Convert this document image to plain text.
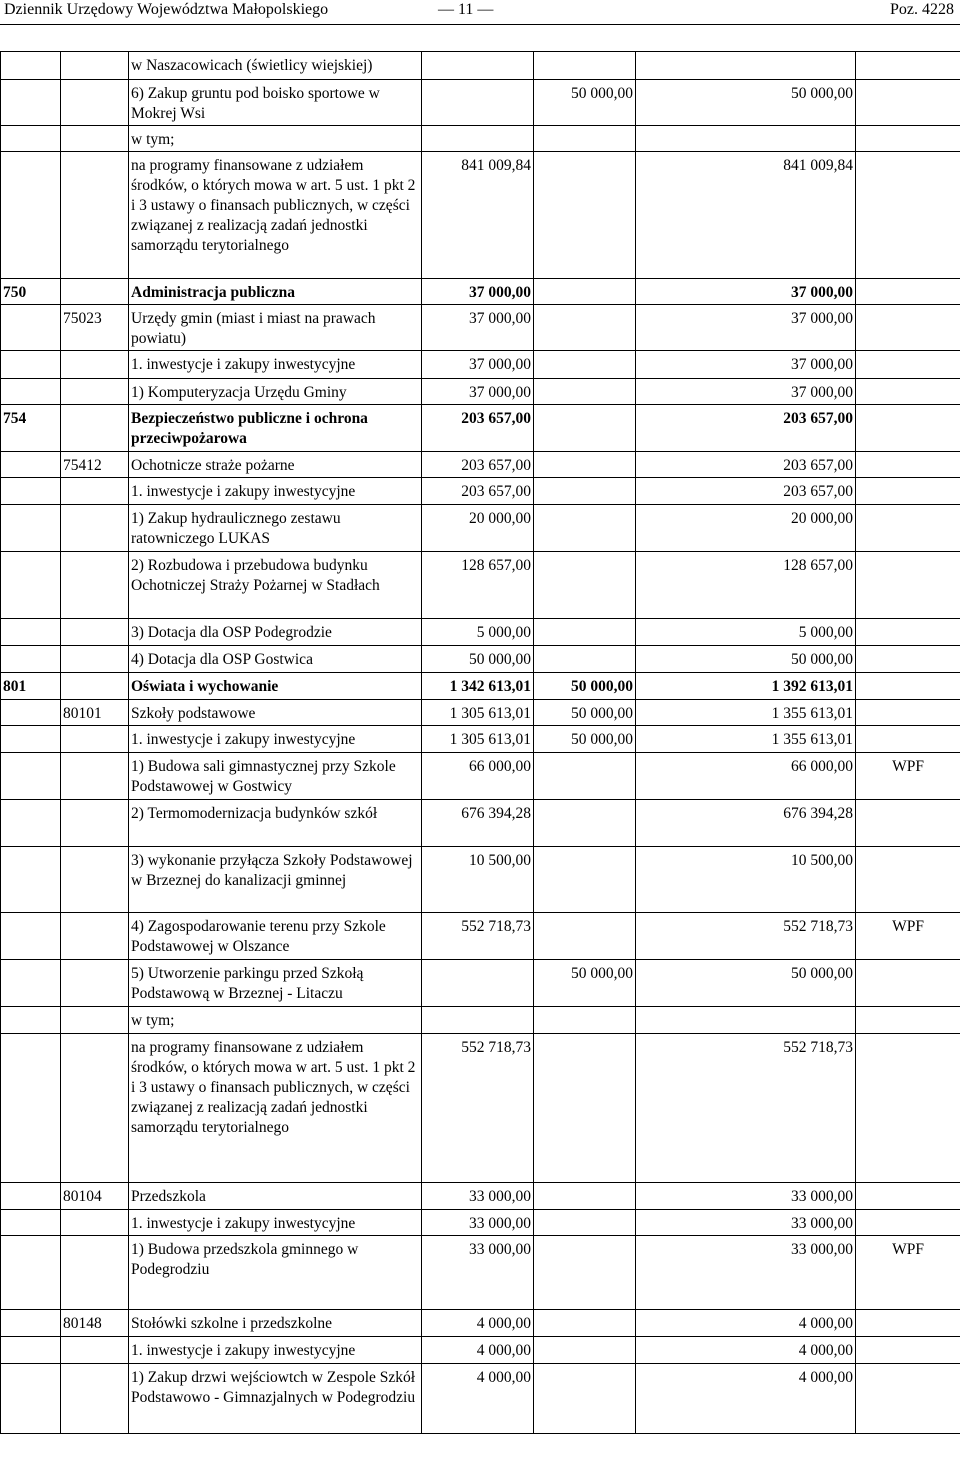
Dziennik Urzędowy Województwa Małopolskiego	— 11 —	Poz. 4228
		w Naszacowicach (świetlicy wiejskiej)				
		6) Zakup gruntu pod boisko sportowe w Mokrej Wsi		50 000,00	50 000,00	
		w tym;				
		na programy finansowane z udziałem środków, o których mowa w art. 5 ust. 1 pkt 2 i 3 ustawy o finansach publicznych, w części związanej z realizacją zadań jednostki samorządu terytorialnego	841 009,84		841 009,84	
750		Administracja publiczna	37 000,00		37 000,00	
	75023	Urzędy gmin (miast i miast na prawach powiatu)	37 000,00		37 000,00	
		1. inwestycje i zakupy inwestycyjne	37 000,00		37 000,00	
		1) Komputeryzacja Urzędu Gminy	37 000,00		37 000,00	
754		Bezpieczeństwo publiczne i ochrona przeciwpożarowa	203 657,00		203 657,00	
	75412	Ochotnicze straże pożarne	203 657,00		203 657,00	
		1. inwestycje i zakupy inwestycyjne	203 657,00		203 657,00	
		1) Zakup hydraulicznego zestawu ratowniczego LUKAS	20 000,00		20 000,00	
		2) Rozbudowa i przebudowa budynku Ochotniczej Straży Pożarnej w Stadłach	128 657,00		128 657,00	
		3) Dotacja dla OSP Podegrodzie	5 000,00		5 000,00	
		4) Dotacja dla OSP Gostwica	50 000,00		50 000,00	
801		Oświata i wychowanie	1 342 613,01	50 000,00	1 392 613,01	
	80101	Szkoły podstawowe	1 305 613,01	50 000,00	1 355 613,01	
		1. inwestycje i zakupy inwestycyjne	1 305 613,01	50 000,00	1 355 613,01	
		1) Budowa sali gimnastycznej przy Szkole Podstawowej w Gostwicy	66 000,00		66 000,00	WPF
		2) Termomodernizacja budynków szkół	676 394,28		676 394,28	
		3) wykonanie przyłącza Szkoły Podstawowej w Brzeznej do kanalizacji gminnej	10 500,00		10 500,00	
		4) Zagospodarowanie terenu przy Szkole Podstawowej w Olszance	552 718,73		552 718,73	WPF
		5) Utworzenie parkingu przed Szkołą Podstawową w Brzeznej - Litaczu		50 000,00	50 000,00	
		w tym;				
		na programy finansowane z udziałem środków, o których mowa w art. 5 ust. 1 pkt 2 i 3 ustawy o finansach publicznych, w części związanej z realizacją zadań jednostki samorządu terytorialnego	552 718,73		552 718,73	
	80104	Przedszkola	33 000,00		33 000,00	
		1. inwestycje i zakupy inwestycyjne	33 000,00		33 000,00	
		1) Budowa przedszkola gminnego w Podegrodziu	33 000,00		33 000,00	WPF
	80148	Stołówki szkolne i przedszkolne	4 000,00		4 000,00	
		1. inwestycje i zakupy inwestycyjne	4 000,00		4 000,00	
		1) Zakup drzwi wejściowtch w Zespole Szkół Podstawowo - Gimnazjalnych w Podegrodziu	4 000,00		4 000,00	
